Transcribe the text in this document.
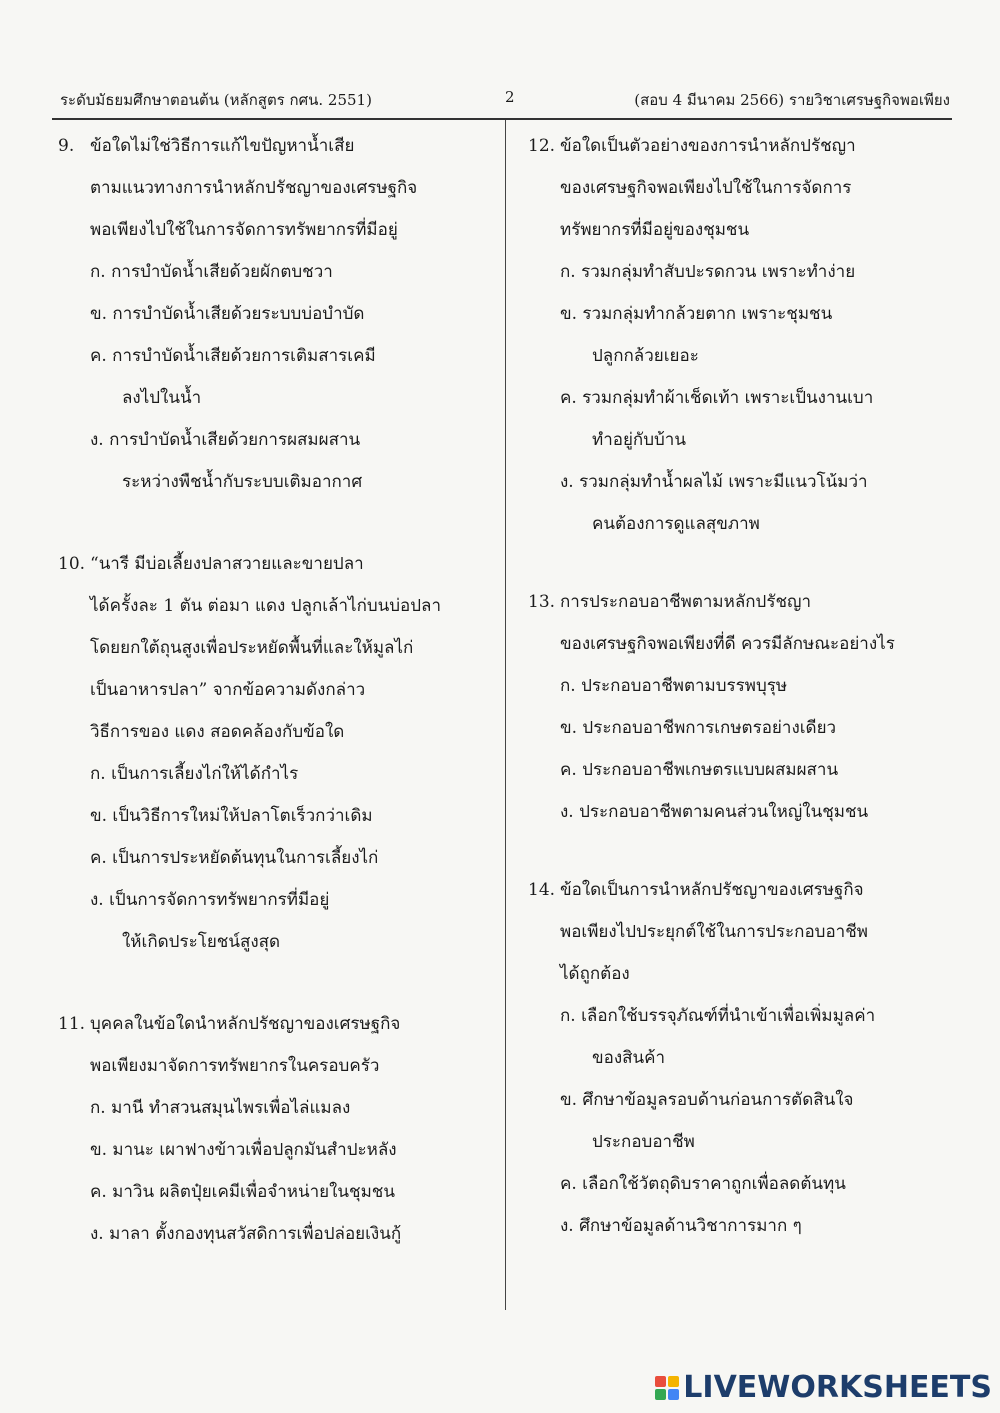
ระดับมัธยมศึกษาตอนต้น (หลักสูตร กศน. 2551)	2	(สอบ 4 มีนาคม 2566) รายวิชาเศรษฐกิจพอเพียง
9. ข้อใดไม่ใช่วิธีการแก้ไขปัญหาน้ำเสีย
ตามแนวทางการนำหลักปรัชญาของเศรษฐกิจ
พอเพียงไปใช้ในการจัดการทรัพยากรที่มีอยู่
ก. การบำบัดน้ำเสียด้วยผักตบชวา
ข. การบำบัดน้ำเสียด้วยระบบบ่อบำบัด
ค. การบำบัดน้ำเสียด้วยการเติมสารเคมี
ลงไปในน้ำ
ง. การบำบัดน้ำเสียด้วยการผสมผสาน
ระหว่างพืชน้ำกับระบบเติมอากาศ
10. “นารี มีบ่อเลี้ยงปลาสวายและขายปลา
ได้ครั้งละ 1 ตัน ต่อมา แดง ปลูกเล้าไก่บนบ่อปลา
โดยยกใต้ถุนสูงเพื่อประหยัดพื้นที่และให้มูลไก่
เป็นอาหารปลา” จากข้อความดังกล่าว
วิธีการของ แดง สอดคล้องกับข้อใด
ก. เป็นการเลี้ยงไก่ให้ได้กำไร
ข. เป็นวิธีการใหม่ให้ปลาโตเร็วกว่าเดิม
ค. เป็นการประหยัดต้นทุนในการเลี้ยงไก่
ง. เป็นการจัดการทรัพยากรที่มีอยู่
ให้เกิดประโยชน์สูงสุด
11. บุคคลในข้อใดนำหลักปรัชญาของเศรษฐกิจ
พอเพียงมาจัดการทรัพยากรในครอบครัว
ก. มานี ทำสวนสมุนไพรเพื่อไล่แมลง
ข. มานะ เผาฟางข้าวเพื่อปลูกมันสำปะหลัง
ค. มาวิน ผลิตปุ๋ยเคมีเพื่อจำหน่ายในชุมชน
ง. มาลา ตั้งกองทุนสวัสดิการเพื่อปล่อยเงินกู้
12. ข้อใดเป็นตัวอย่างของการนำหลักปรัชญา
ของเศรษฐกิจพอเพียงไปใช้ในการจัดการ
ทรัพยากรที่มีอยู่ของชุมชน
ก. รวมกลุ่มทำสับปะรดกวน เพราะทำง่าย
ข. รวมกลุ่มทำกล้วยตาก เพราะชุมชน
ปลูกกล้วยเยอะ
ค. รวมกลุ่มทำผ้าเช็ดเท้า เพราะเป็นงานเบา
ทำอยู่กับบ้าน
ง. รวมกลุ่มทำน้ำผลไม้ เพราะมีแนวโน้มว่า
คนต้องการดูแลสุขภาพ
13. การประกอบอาชีพตามหลักปรัชญา
ของเศรษฐกิจพอเพียงที่ดี ควรมีลักษณะอย่างไร
ก. ประกอบอาชีพตามบรรพบุรุษ
ข. ประกอบอาชีพการเกษตรอย่างเดียว
ค. ประกอบอาชีพเกษตรแบบผสมผสาน
ง. ประกอบอาชีพตามคนส่วนใหญ่ในชุมชน
14. ข้อใดเป็นการนำหลักปรัชญาของเศรษฐกิจ
พอเพียงไปประยุกต์ใช้ในการประกอบอาชีพ
ได้ถูกต้อง
ก. เลือกใช้บรรจุภัณฑ์ที่นำเข้าเพื่อเพิ่มมูลค่า
ของสินค้า
ข. ศึกษาข้อมูลรอบด้านก่อนการตัดสินใจ
ประกอบอาชีพ
ค. เลือกใช้วัตถุดิบราคาถูกเพื่อลดต้นทุน
ง. ศึกษาข้อมูลด้านวิชาการมาก ๆ
LIVEWORKSHEETS
